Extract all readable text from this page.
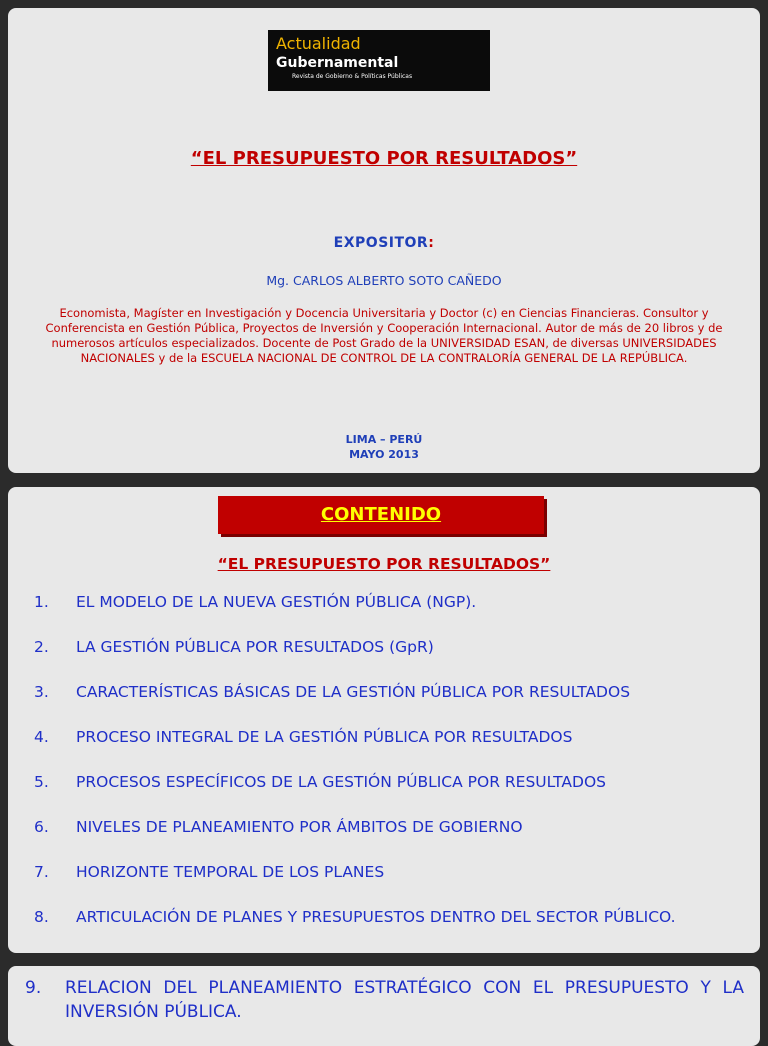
Actualidad
Gubernamental
Revista de Gobierno & Políticas Públicas
“EL PRESUPUESTO POR RESULTADOS”
EXPOSITOR:
Mg. CARLOS ALBERTO SOTO CAÑEDO
Economista, Magíster en Investigación y Docencia Universitaria y Doctor (c) en Ciencias Financieras. Consultor y Conferencista en Gestión Pública, Proyectos de Inversión y Cooperación Internacional. Autor de más de 20 libros y de numerosos artículos especializados. Docente de Post Grado de la UNIVERSIDAD ESAN, de diversas UNIVERSIDADES NACIONALES y de la ESCUELA NACIONAL DE CONTROL DE LA CONTRALORÍA GENERAL DE LA REPÚBLICA.
LIMA – PERÚ
MAYO 2013
CONTENIDO
“EL PRESUPUESTO POR RESULTADOS”
1.	EL MODELO DE LA NUEVA GESTIÓN PÚBLICA (NGP).
2.	LA GESTIÓN PÚBLICA POR RESULTADOS (GpR)
3.	CARACTERÍSTICAS BÁSICAS DE LA GESTIÓN PÚBLICA POR RESULTADOS
4.	PROCESO INTEGRAL DE LA GESTIÓN PÚBLICA POR RESULTADOS
5.	PROCESOS ESPECÍFICOS DE LA GESTIÓN PÚBLICA POR RESULTADOS
6.	NIVELES DE PLANEAMIENTO POR ÁMBITOS DE GOBIERNO
7.	HORIZONTE TEMPORAL DE LOS PLANES
8.	ARTICULACIÓN DE PLANES Y PRESUPUESTOS DENTRO DEL SECTOR PÚBLICO.
9.	RELACION DEL PLANEAMIENTO ESTRATÉGICO CON EL PRESUPUESTO Y LA INVERSIÓN PÚBLICA.
